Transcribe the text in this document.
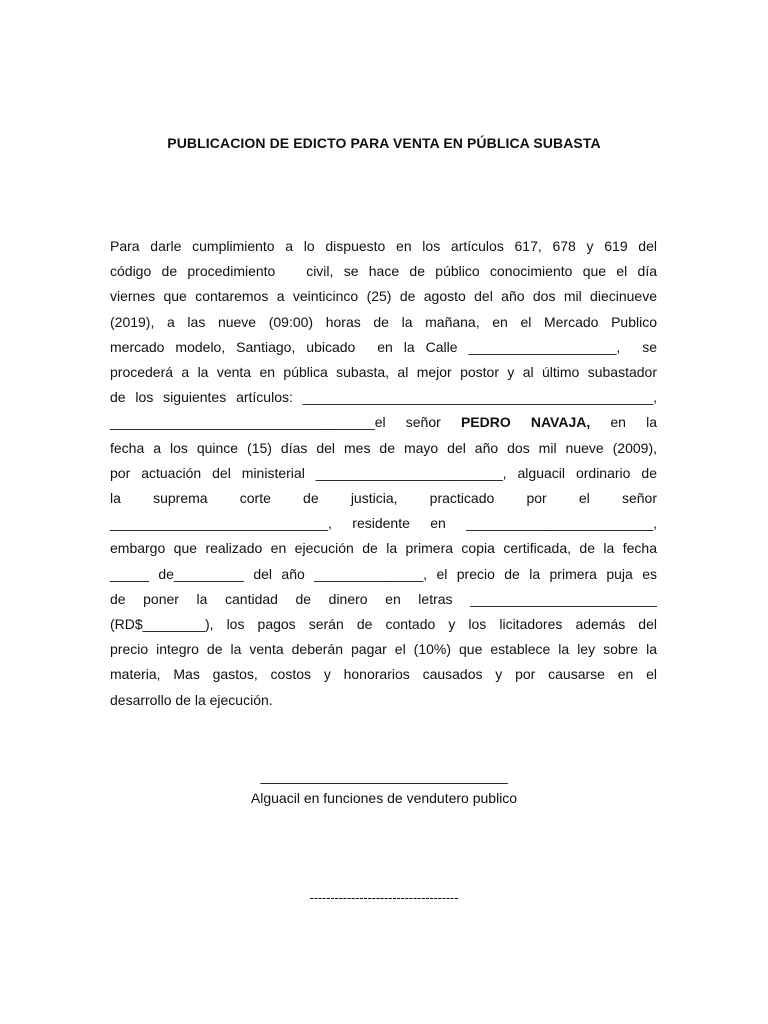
PUBLICACION DE EDICTO PARA VENTA EN PÚBLICA SUBASTA
Para darle cumplimiento a lo dispuesto en los artículos 617, 678 y 619 del
código de procedimiento   civil, se hace de público conocimiento que el día
viernes que contaremos a veinticinco (25) de agosto del año dos mil diecinueve
(2019), a las nueve (09:00) horas de la mañana, en el Mercado Publico
mercado modelo, Santiago, ubicado  en la Calle ___________________,  se
procederá a la venta en pública subasta, al mejor postor y al último subastador
de los siguientes artículos: _____________________________________________,
__________________________________el señor PEDRO NAVAJA, en la
fecha a los quince (15) días del mes de mayo del año dos mil nueve (2009),
por actuación del ministerial ________________________, alguacil ordinario de
la suprema corte de justicia, practicado por el señor
____________________________, residente en ________________________,
embargo que realizado en ejecución de la primera copia certificada, de la fecha
_____ de_________ del año ______________, el precio de la primera puja es
de poner la cantidad de dinero en letras ________________________
(RD$________), los pagos serán de contado y los licitadores además del
precio integro de la venta deberán pagar el (10%) que establece la ley sobre la
materia, Mas gastos, costos y honorarios causados y por causarse en el
desarrollo de la ejecución.
_________________________________
Alguacil en funciones de vendutero publico
------------------------------------
